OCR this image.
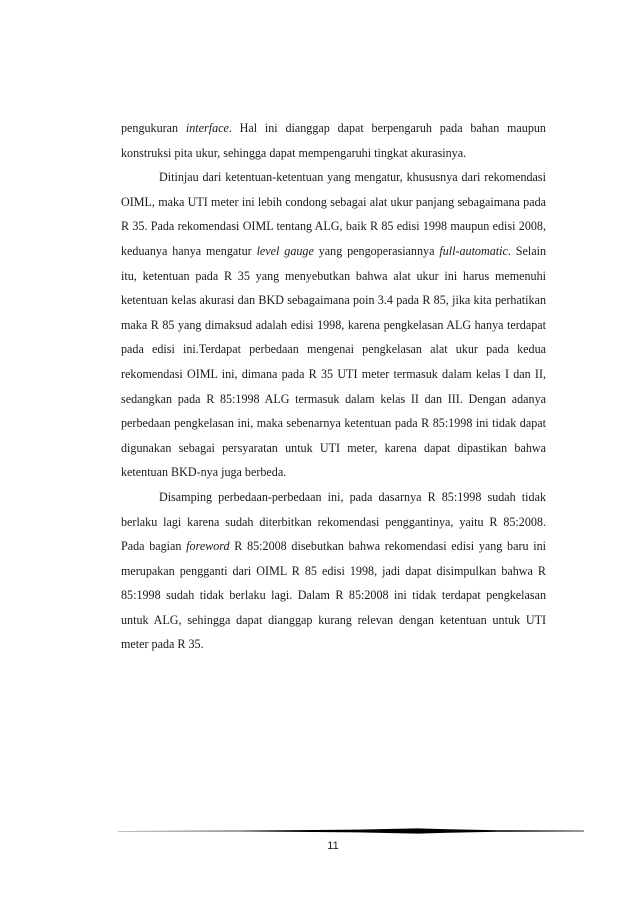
pengukuran interface. Hal ini dianggap dapat berpengaruh pada bahan maupun konstruksi pita ukur, sehingga dapat mempengaruhi tingkat akurasinya.

Ditinjau dari ketentuan-ketentuan yang mengatur, khususnya dari rekomendasi OIML, maka UTI meter ini lebih condong sebagai alat ukur panjang sebagaimana pada R 35. Pada rekomendasi OIML tentang ALG, baik R 85 edisi 1998 maupun edisi 2008, keduanya hanya mengatur level gauge yang pengoperasiannya full-automatic. Selain itu, ketentuan pada R 35 yang menyebutkan bahwa alat ukur ini harus memenuhi ketentuan kelas akurasi dan BKD sebagaimana poin 3.4 pada R 85, jika kita perhatikan maka R 85 yang dimaksud adalah edisi 1998, karena pengkelasan ALG hanya terdapat pada edisi ini.Terdapat perbedaan mengenai pengkelasan alat ukur pada kedua rekomendasi OIML ini, dimana pada R 35 UTI meter termasuk dalam kelas I dan II, sedangkan pada R 85:1998 ALG termasuk dalam kelas II dan III. Dengan adanya perbedaan pengkelasan ini, maka sebenarnya ketentuan pada R 85:1998 ini tidak dapat digunakan sebagai persyaratan untuk UTI meter, karena dapat dipastikan bahwa ketentuan BKD-nya juga berbeda.

Disamping perbedaan-perbedaan ini, pada dasarnya R 85:1998 sudah tidak berlaku lagi karena sudah diterbitkan rekomendasi penggantinya, yaitu R 85:2008. Pada bagian foreword R 85:2008 disebutkan bahwa rekomendasi edisi yang baru ini merupakan pengganti dari OIML R 85 edisi 1998, jadi dapat disimpulkan bahwa R 85:1998 sudah tidak berlaku lagi. Dalam R 85:2008 ini tidak terdapat pengkelasan untuk ALG, sehingga dapat dianggap kurang relevan dengan ketentuan untuk UTI meter pada R 35.

11
